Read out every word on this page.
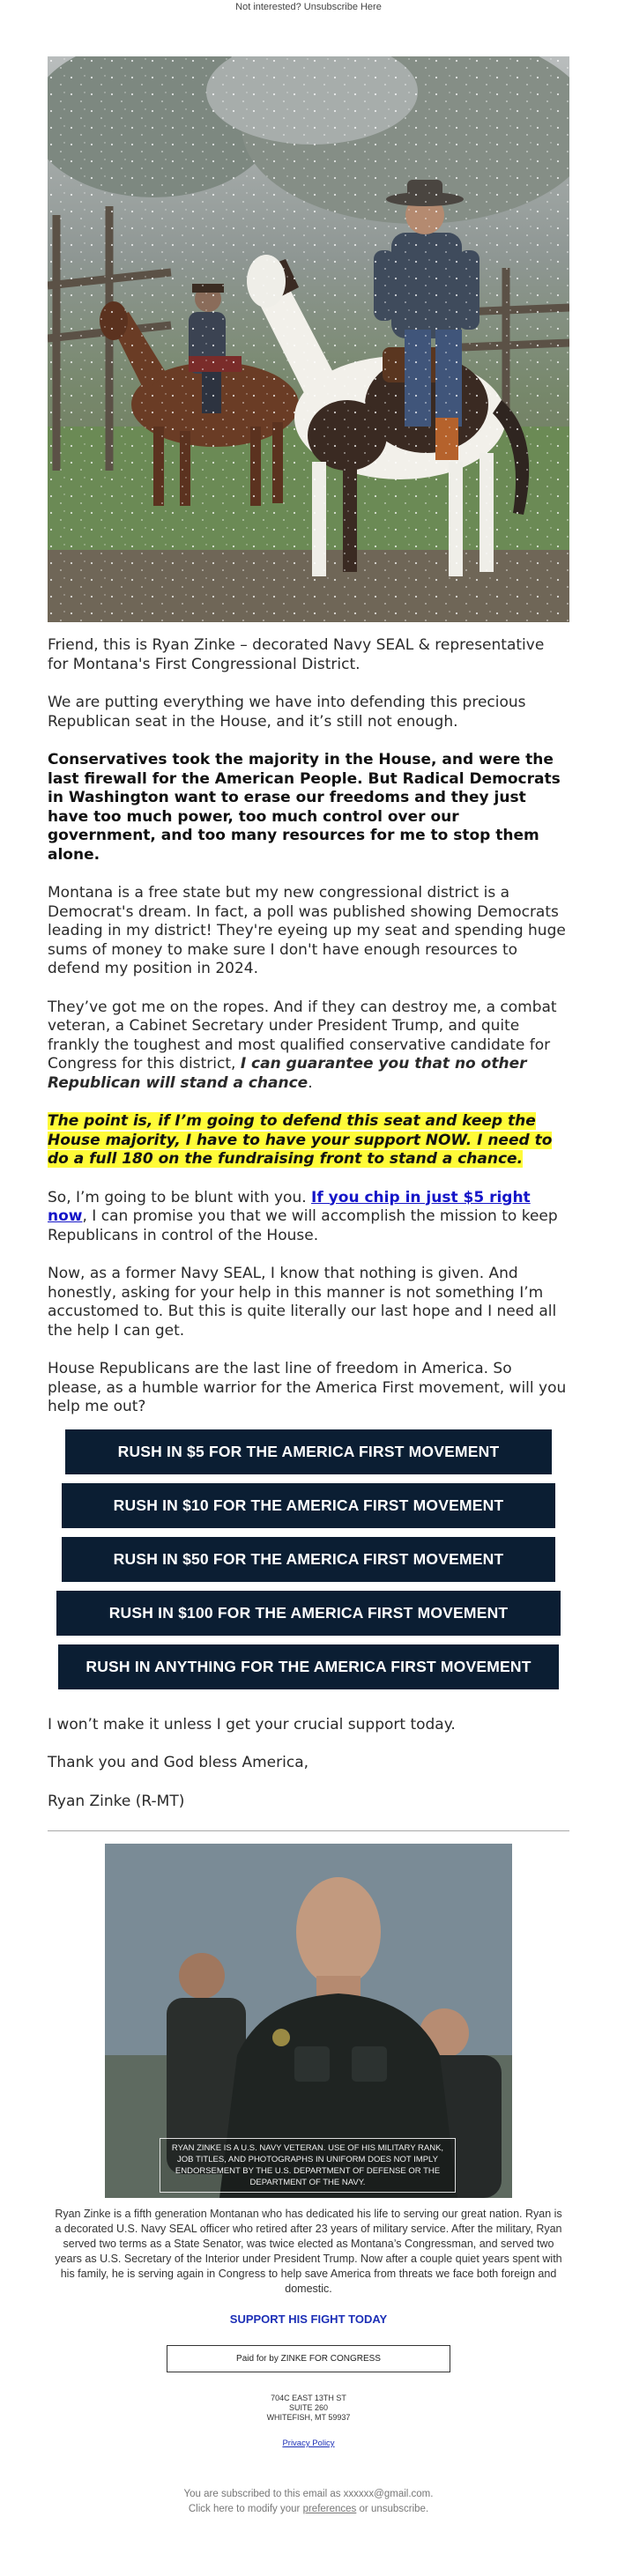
Not interested? Unsubscribe Here

Friend, this is Ryan Zinke – decorated Navy SEAL & representative for Montana's First Congressional District.

We are putting everything we have into defending this precious Republican seat in the House, and it’s still not enough.

Conservatives took the majority in the House, and were the last firewall for the American People. But Radical Democrats in Washington want to erase our freedoms and they just have too much power, too much control over our government, and too many resources for me to stop them alone.

Montana is a free state but my new congressional district is a Democrat's dream. In fact, a poll was published showing Democrats leading in my district! They're eyeing up my seat and spending huge sums of money to make sure I don't have enough resources to defend my position in 2024.

They’ve got me on the ropes. And if they can destroy me, a combat veteran, a Cabinet Secretary under President Trump, and quite frankly the toughest and most qualified conservative candidate for Congress for this district, I can guarantee you that no other Republican will stand a chance.

The point is, if I’m going to defend this seat and keep the House majority, I have to have your support NOW. I need to do a full 180 on the fundraising front to stand a chance.

So, I’m going to be blunt with you. If you chip in just $5 right now, I can promise you that we will accomplish the mission to keep Republicans in control of the House.

Now, as a former Navy SEAL, I know that nothing is given. And honestly, asking for your help in this manner is not something I’m accustomed to. But this is quite literally our last hope and I need all the help I can get.

House Republicans are the last line of freedom in America. So please, as a humble warrior for the America First movement, will you help me out?

RUSH IN $5 FOR THE AMERICA FIRST MOVEMENT
RUSH IN $10 FOR THE AMERICA FIRST MOVEMENT
RUSH IN $50 FOR THE AMERICA FIRST MOVEMENT
RUSH IN $100 FOR THE AMERICA FIRST MOVEMENT
RUSH IN ANYTHING FOR THE AMERICA FIRST MOVEMENT

I won’t make it unless I get your crucial support today.

Thank you and God bless America,

Ryan Zinke (R-MT)

RYAN ZINKE IS A U.S. NAVY VETERAN. USE OF HIS MILITARY RANK, JOB TITLES, AND PHOTOGRAPHS IN UNIFORM DOES NOT IMPLY ENDORSEMENT BY THE U.S. DEPARTMENT OF DEFENSE OR THE DEPARTMENT OF THE NAVY.

Ryan Zinke is a fifth generation Montanan who has dedicated his life to serving our great nation. Ryan is a decorated U.S. Navy SEAL officer who retired after 23 years of military service. After the military, Ryan served two terms as a State Senator, was twice elected as Montana’s Congressman, and served two years as U.S. Secretary of the Interior under President Trump. Now after a couple quiet years spent with his family, he is serving again in Congress to help save America from threats we face both foreign and domestic.

SUPPORT HIS FIGHT TODAY
Paid for by ZINKE FOR CONGRESS
704C EAST 13TH ST
SUITE 260
WHITEFISH, MT 59937
Privacy Policy
You are subscribed to this email as xxxxxx@gmail.com.
Click here to modify your preferences or unsubscribe.
